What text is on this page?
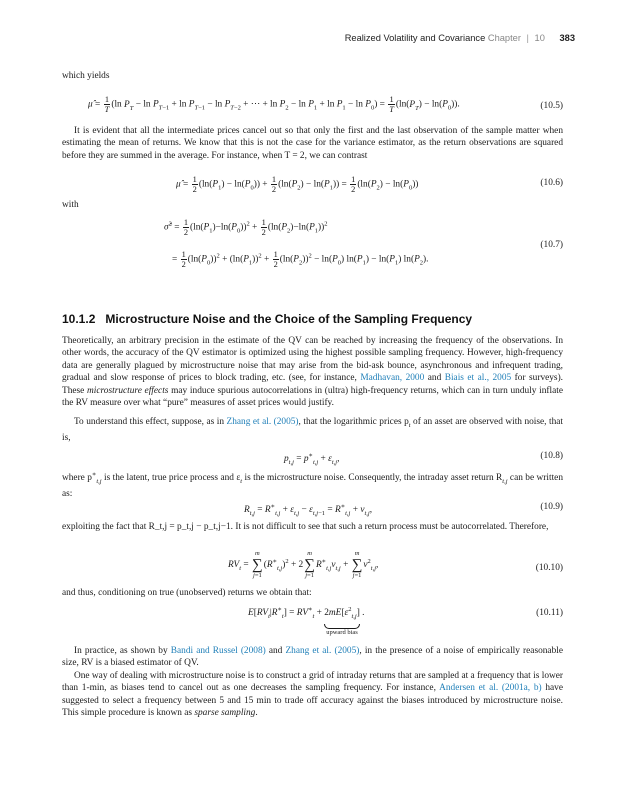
Realized Volatility and Covariance Chapter | 10 383
which yields
μ̂ = $\frac{1}{T} (\ln$ $P_T - \ln P_{T-1} + \ln P_{T-1} - \ln P_{T-2}$ + ⋯ + $\ln P_2 - \ln P_1 + \ln P_1 - \ln P_0) = \frac{1}{T} (\ln(P_T) - \ln(P_0))$.	(10.5)
It is evident that all the intermediate prices cancel out so that only the first and the last observation of the sample matter when estimating the mean of returns. We know that this is not the case for the variance estimator, as the return observations are squared before they are summed in the average. For instance, when T = 2, we can contrast
μ̂ = $\frac{1}{2} (\ln(P_1) - \ln(P_0)) + \frac{1}{2} (\ln(P_2) - \ln(P_1)) = \frac{1}{2} (\ln(P_2) - \ln(P_0))$	(10.6)
with
σ̂$^2$ = $\frac{1}{2} (\ln(P_1)-\ln(P_0))^2 + \frac{1}{2} (\ln(P_2)-\ln(P_1))^2$
= $\frac{1}{2} (\ln(P_0))^2 + (\ln(P_1))^2 + \frac{1}{2} (\ln(P_2))^2 - \ln(P_0) \ln(P_1) - \ln(P_1)$ $\ln(P_2)$.
(10.7)
10.1.2 Microstructure Noise and the Choice of the Sampling Frequency
Theoretically, an arbitrary precision in the estimate of the QV can be reached by increasing the frequency of the observations. In other words, the accuracy of the QV estimator is optimized using the highest possible sampling frequency. However, high-frequency data are generally plagued by microstructure noise that may arise from the bid-ask bounce, asynchronous and infrequent trading, gradual and slow response of prices to block trading, etc. (see, for instance, Madhavan, 2000 and Biais et al., 2005 for surveys). These microstructure effects may induce spurious autocorrelations in (ultra) high-frequency returns, which can in turn unduly inflate the RV measure over what “pure” measures of asset prices would justify.
To understand this effect, suppose, as in Zhang et al. (2005), that the logarithmic prices $p_t$ of an asset are observed with noise, that is,
$p_{t,j} = p^∗_{t,j} + \varepsilon_{t,j}$,	(10.8)
where $p^∗_{t,j}$ is the latent, true price process and $\varepsilon_t$ is the microstructure noise. Consequently, the intraday asset return $R_{t,j}$ can be written as:
$R_{t,j} = R^∗_{t,j} + \varepsilon_{t,j} - \varepsilon_{t,j-1} = R^∗_{t,j} + \nu_{t,j}$,	(10.9)
exploiting the fact that R_t,j = p_t,j − p_t,j−1. It is not difficult to see that such a return process must be autocorrelated. Therefore,
$RV_t = m$
∑
$j=1(R^∗_{t,j})^2 + 2m$
∑
$j=1R^∗_{t,j}\nu_{t,j} + m$
∑
$j=1\nu^2_{t,j}$,	(10.10)
and thus, conditioning on true (unobserved) returns we obtain that:
$E[RV_t|R^∗_t] = RV^∗_t + 2mE[\varepsilon^2_{t,j}]$
upward bias
.	(10.11)
In practice, as shown by Bandi and Russel (2008) and Zhang et al. (2005), in the presence of a noise of empirically reasonable size, RV is a biased estimator of QV.
One way of dealing with microstructure noise is to construct a grid of intraday returns that are sampled at a frequency that is lower than 1-min, as biases tend to cancel out as one decreases the sampling frequency. For instance, Andersen et al. (2001a, b) have suggested to select a frequency between 5 and 15 min to trade off accuracy against the biases introduced by microstructure noise. This simple procedure is known as sparse sampling.
